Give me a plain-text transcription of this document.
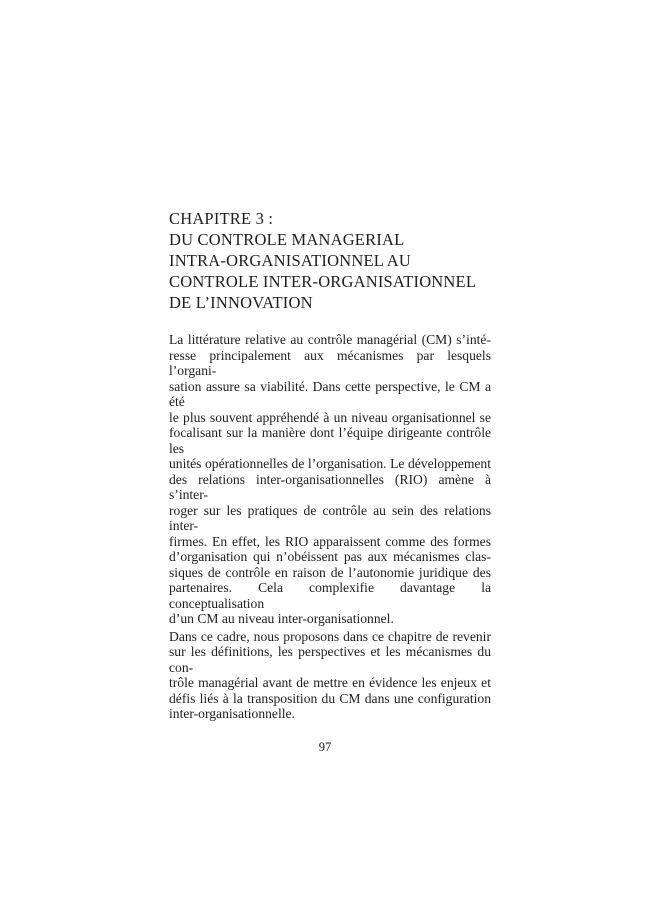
CHAPITRE 3 :
DU CONTROLE MANAGERIAL
INTRA-ORGANISATIONNEL AU
CONTROLE INTER-ORGANISATIONNEL
DE L’INNOVATION
La littérature relative au contrôle managérial (CM) s’inté-
resse principalement aux mécanismes par lesquels l’organi-
sation assure sa viabilité. Dans cette perspective, le CM a été
le plus souvent appréhendé à un niveau organisationnel se
focalisant sur la manière dont l’équipe dirigeante contrôle les
unités opérationnelles de l’organisation. Le développement
des relations inter-organisationnelles (RIO) amène à s’inter-
roger sur les pratiques de contrôle au sein des relations inter-
firmes. En effet, les RIO apparaissent comme des formes
d’organisation qui n’obéissent pas aux mécanismes clas-
siques de contrôle en raison de l’autonomie juridique des
partenaires. Cela complexifie davantage la conceptualisation
d’un CM au niveau inter-organisationnel.
Dans ce cadre, nous proposons dans ce chapitre de revenir
sur les définitions, les perspectives et les mécanismes du con-
trôle managérial avant de mettre en évidence les enjeux et
défis liés à la transposition du CM dans une configuration
inter-organisationnelle.
97
